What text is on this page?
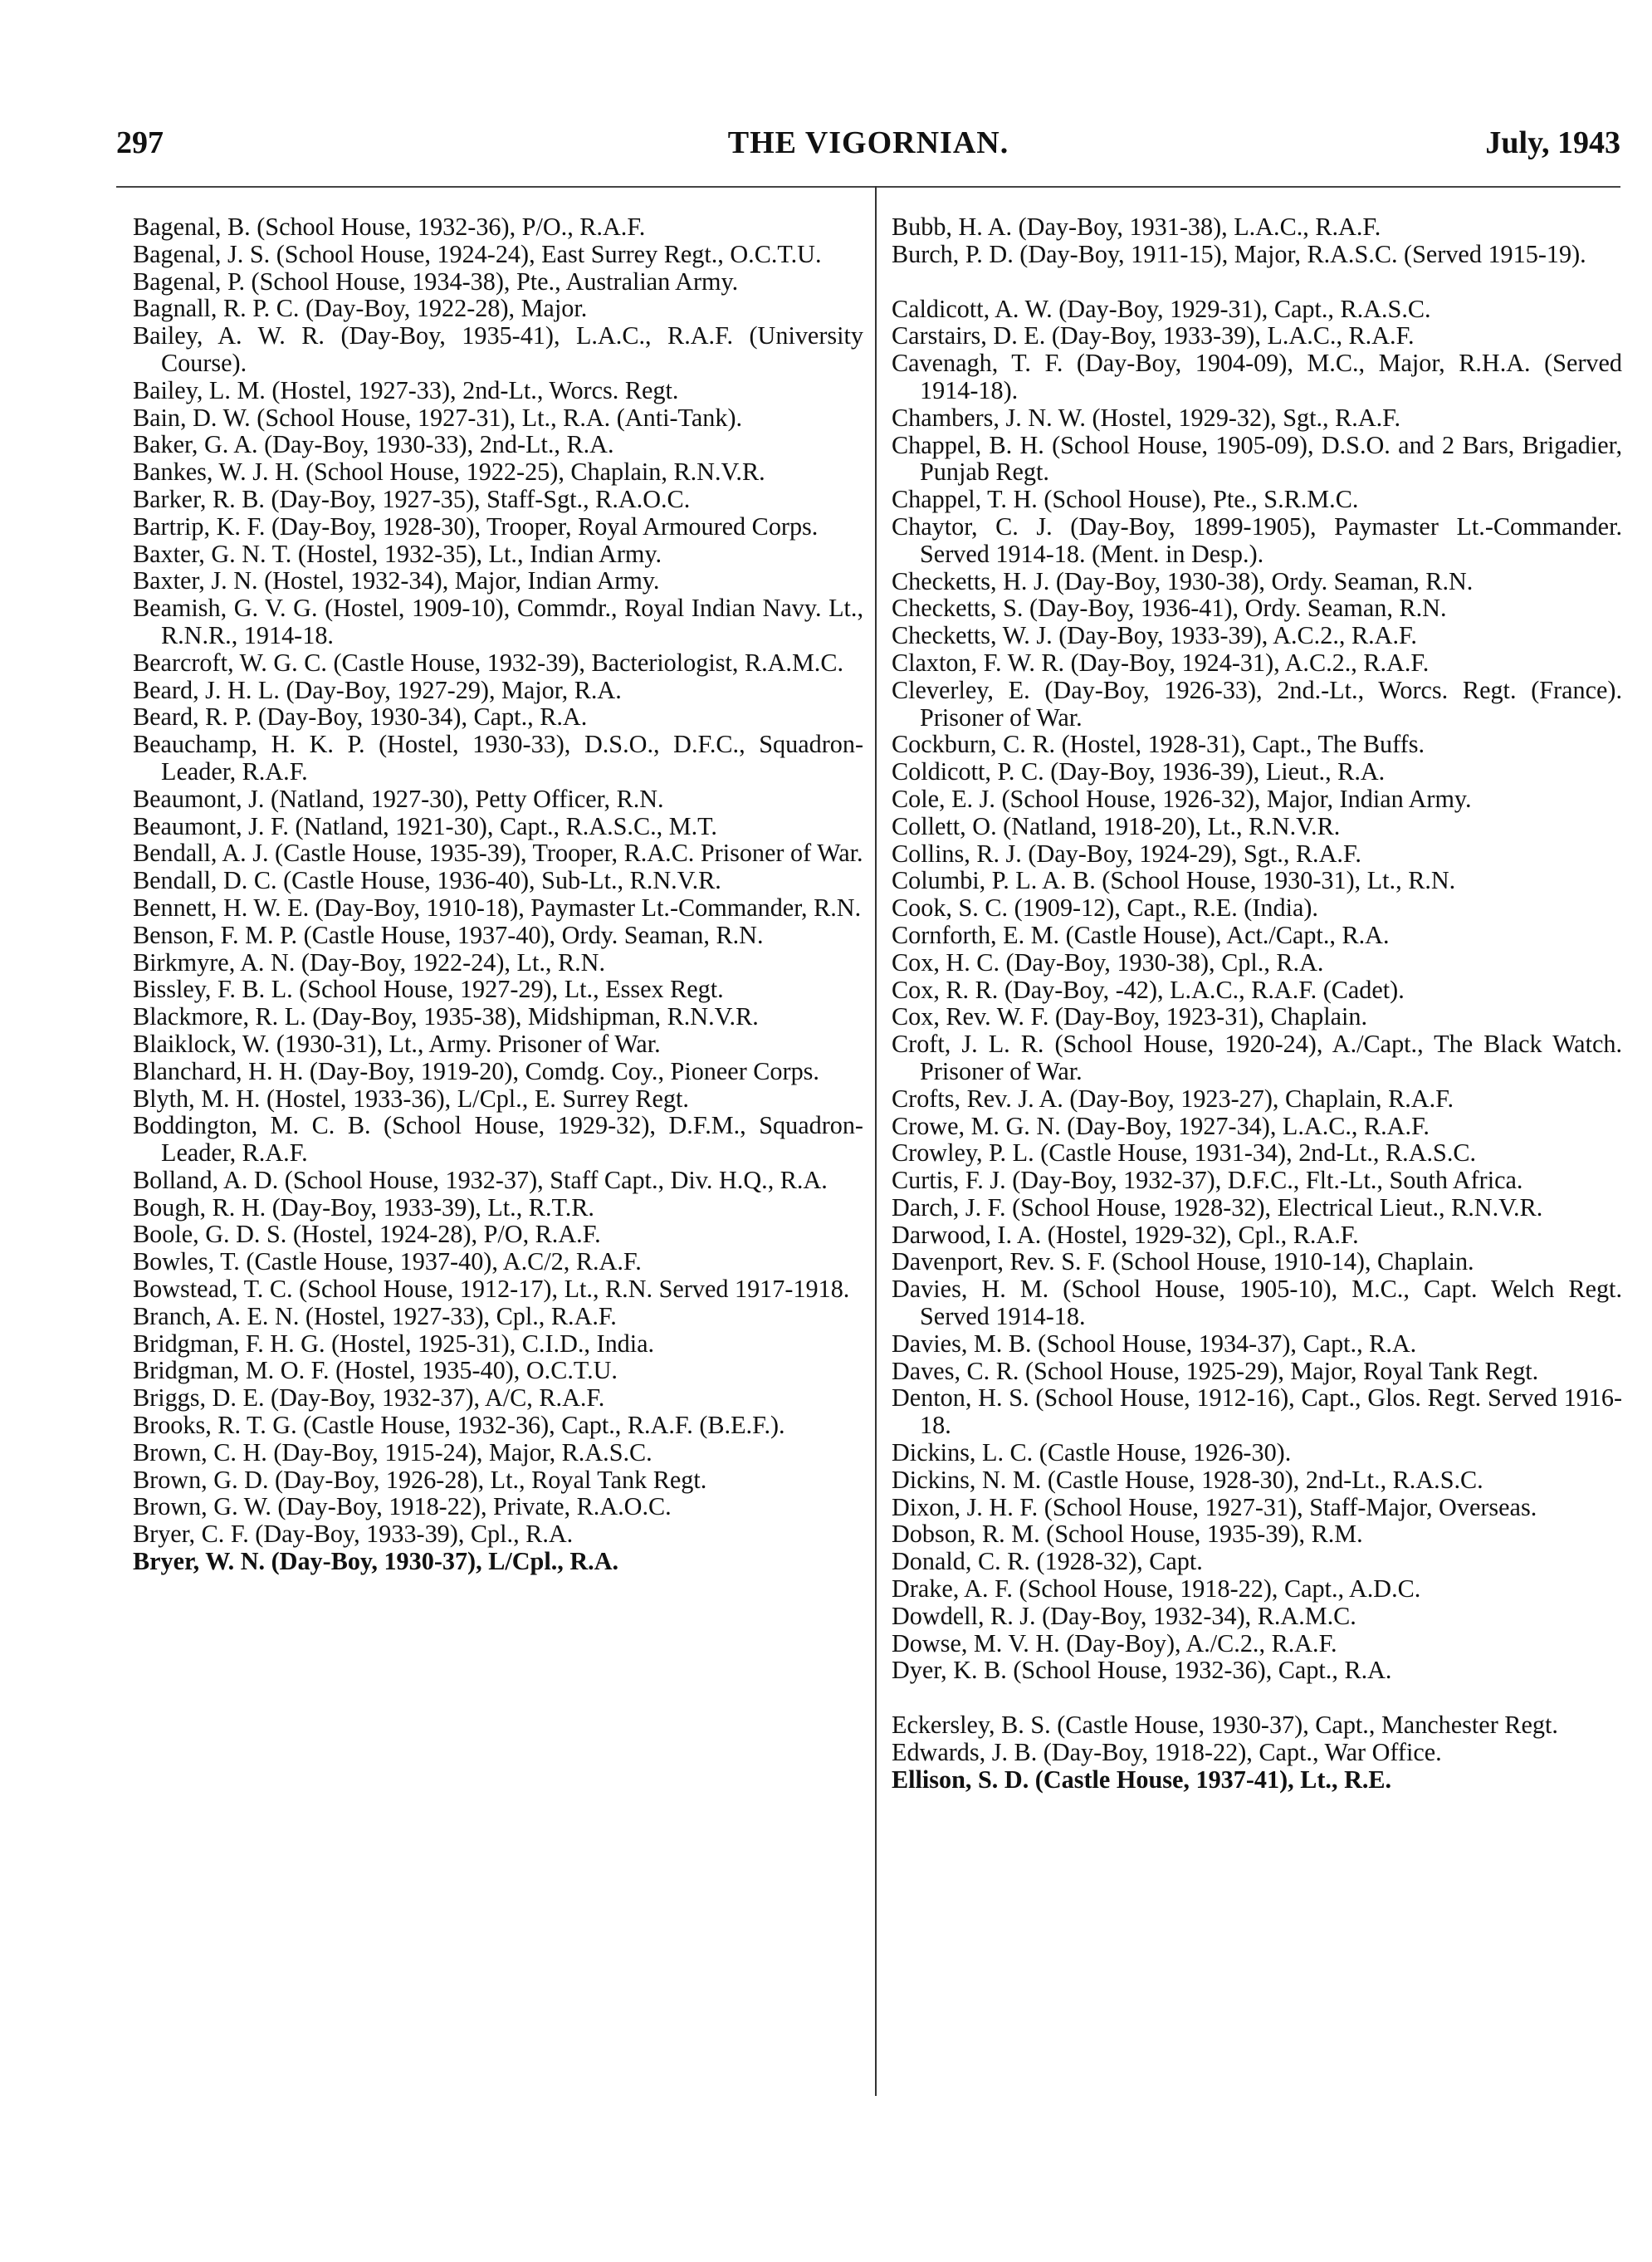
THE VIGORNIAN.
297	July, 1943
Bagenal, B. (School House, 1932-36), P/O., R.A.F.
Bagenal, J. S. (School House, 1924-24), East Surrey Regt., O.C.T.U.
Bagenal, P. (School House, 1934-38), Pte., Australian Army.
Bagnall, R. P. C. (Day-Boy, 1922-28), Major.
Bailey, A. W. R. (Day-Boy, 1935-41), L.A.C., R.A.F. (University Course).
Bailey, L. M. (Hostel, 1927-33), 2nd-Lt., Worcs. Regt.
Bain, D. W. (School House, 1927-31), Lt., R.A. (Anti-Tank).
Baker, G. A. (Day-Boy, 1930-33), 2nd-Lt., R.A.
Bankes, W. J. H. (School House, 1922-25), Chaplain, R.N.V.R.
Barker, R. B. (Day-Boy, 1927-35), Staff-Sgt., R.A.O.C.
Bartrip, K. F. (Day-Boy, 1928-30), Trooper, Royal Armoured Corps.
Baxter, G. N. T. (Hostel, 1932-35), Lt., Indian Army.
Baxter, J. N. (Hostel, 1932-34), Major, Indian Army.
Beamish, G. V. G. (Hostel, 1909-10), Commdr., Royal Indian Navy. Lt., R.N.R., 1914-18.
Bearcroft, W. G. C. (Castle House, 1932-39), Bacteriologist, R.A.M.C.
Beard, J. H. L. (Day-Boy, 1927-29), Major, R.A.
Beard, R. P. (Day-Boy, 1930-34), Capt., R.A.
Beauchamp, H. K. P. (Hostel, 1930-33), D.S.O., D.F.C., Squadron-Leader, R.A.F.
Beaumont, J. (Natland, 1927-30), Petty Officer, R.N.
Beaumont, J. F. (Natland, 1921-30), Capt., R.A.S.C., M.T.
Bendall, A. J. (Castle House, 1935-39), Trooper, R.A.C. Prisoner of War.
Bendall, D. C. (Castle House, 1936-40), Sub-Lt., R.N.V.R.
Bennett, H. W. E. (Day-Boy, 1910-18), Paymaster Lt.-Commander, R.N.
Benson, F. M. P. (Castle House, 1937-40), Ordy. Seaman, R.N.
Birkmyre, A. N. (Day-Boy, 1922-24), Lt., R.N.
Bissley, F. B. L. (School House, 1927-29), Lt., Essex Regt.
Blackmore, R. L. (Day-Boy, 1935-38), Midshipman, R.N.V.R.
Blaiklock, W. (1930-31), Lt., Army. Prisoner of War.
Blanchard, H. H. (Day-Boy, 1919-20), Comdg. Coy., Pioneer Corps.
Blyth, M. H. (Hostel, 1933-36), L/Cpl., E. Surrey Regt.
Boddington, M. C. B. (School House, 1929-32), D.F.M., Squadron-Leader, R.A.F.
Bolland, A. D. (School House, 1932-37), Staff Capt., Div. H.Q., R.A.
Bough, R. H. (Day-Boy, 1933-39), Lt., R.T.R.
Boole, G. D. S. (Hostel, 1924-28), P/O, R.A.F.
Bowles, T. (Castle House, 1937-40), A.C/2, R.A.F.
Bowstead, T. C. (School House, 1912-17), Lt., R.N. Served 1917-1918.
Branch, A. E. N. (Hostel, 1927-33), Cpl., R.A.F.
Bridgman, F. H. G. (Hostel, 1925-31), C.I.D., India.
Bridgman, M. O. F. (Hostel, 1935-40), O.C.T.U.
Briggs, D. E. (Day-Boy, 1932-37), A/C, R.A.F.
Brooks, R. T. G. (Castle House, 1932-36), Capt., R.A.F. (B.E.F.).
Brown, C. H. (Day-Boy, 1915-24), Major, R.A.S.C.
Brown, G. D. (Day-Boy, 1926-28), Lt., Royal Tank Regt.
Brown, G. W. (Day-Boy, 1918-22), Private, R.A.O.C.
Bryer, C. F. (Day-Boy, 1933-39), Cpl., R.A.
Bryer, W. N. (Day-Boy, 1930-37), L/Cpl., R.A.
Bubb, H. A. (Day-Boy, 1931-38), L.A.C., R.A.F.
Burch, P. D. (Day-Boy, 1911-15), Major, R.A.S.C. (Served 1915-19).
Caldicott, A. W. (Day-Boy, 1929-31), Capt., R.A.S.C.
Carstairs, D. E. (Day-Boy, 1933-39), L.A.C., R.A.F.
Cavenagh, T. F. (Day-Boy, 1904-09), M.C., Major, R.H.A. (Served 1914-18).
Chambers, J. N. W. (Hostel, 1929-32), Sgt., R.A.F.
Chappel, B. H. (School House, 1905-09), D.S.O. and 2 Bars, Brigadier, Punjab Regt.
Chappel, T. H. (School House), Pte., S.R.M.C.
Chaytor, C. J. (Day-Boy, 1899-1905), Paymaster Lt.-Commander. Served 1914-18. (Ment. in Desp.).
Checketts, H. J. (Day-Boy, 1930-38), Ordy. Seaman, R.N.
Checketts, S. (Day-Boy, 1936-41), Ordy. Seaman, R.N.
Checketts, W. J. (Day-Boy, 1933-39), A.C.2., R.A.F.
Claxton, F. W. R. (Day-Boy, 1924-31), A.C.2., R.A.F.
Cleverley, E. (Day-Boy, 1926-33), 2nd.-Lt., Worcs. Regt. (France). Prisoner of War.
Cockburn, C. R. (Hostel, 1928-31), Capt., The Buffs.
Coldicott, P. C. (Day-Boy, 1936-39), Lieut., R.A.
Cole, E. J. (School House, 1926-32), Major, Indian Army.
Collett, O. (Natland, 1918-20), Lt., R.N.V.R.
Collins, R. J. (Day-Boy, 1924-29), Sgt., R.A.F.
Columbi, P. L. A. B. (School House, 1930-31), Lt., R.N.
Cook, S. C. (1909-12), Capt., R.E. (India).
Cornforth, E. M. (Castle House), Act./Capt., R.A.
Cox, H. C. (Day-Boy, 1930-38), Cpl., R.A.
Cox, R. R. (Day-Boy, -42), L.A.C., R.A.F. (Cadet).
Cox, Rev. W. F. (Day-Boy, 1923-31), Chaplain.
Croft, J. L. R. (School House, 1920-24), A./Capt., The Black Watch. Prisoner of War.
Crofts, Rev. J. A. (Day-Boy, 1923-27), Chaplain, R.A.F.
Crowe, M. G. N. (Day-Boy, 1927-34), L.A.C., R.A.F.
Crowley, P. L. (Castle House, 1931-34), 2nd-Lt., R.A.S.C.
Curtis, F. J. (Day-Boy, 1932-37), D.F.C., Flt.-Lt., South Africa.
Darch, J. F. (School House, 1928-32), Electrical Lieut., R.N.V.R.
Darwood, I. A. (Hostel, 1929-32), Cpl., R.A.F.
Davenport, Rev. S. F. (School House, 1910-14), Chaplain.
Davies, H. M. (School House, 1905-10), M.C., Capt. Welch Regt. Served 1914-18.
Davies, M. B. (School House, 1934-37), Capt., R.A.
Daves, C. R. (School House, 1925-29), Major, Royal Tank Regt.
Denton, H. S. (School House, 1912-16), Capt., Glos. Regt. Served 1916-18.
Dickins, L. C. (Castle House, 1926-30).
Dickins, N. M. (Castle House, 1928-30), 2nd-Lt., R.A.S.C.
Dixon, J. H. F. (School House, 1927-31), Staff-Major, Overseas.
Dobson, R. M. (School House, 1935-39), R.M.
Donald, C. R. (1928-32), Capt.
Drake, A. F. (School House, 1918-22), Capt., A.D.C.
Dowdell, R. J. (Day-Boy, 1932-34), R.A.M.C.
Dowse, M. V. H. (Day-Boy), A./C.2., R.A.F.
Dyer, K. B. (School House, 1932-36), Capt., R.A.
Eckersley, B. S. (Castle House, 1930-37), Capt., Manchester Regt.
Edwards, J. B. (Day-Boy, 1918-22), Capt., War Office.
Ellison, S. D. (Castle House, 1937-41), Lt., R.E.
